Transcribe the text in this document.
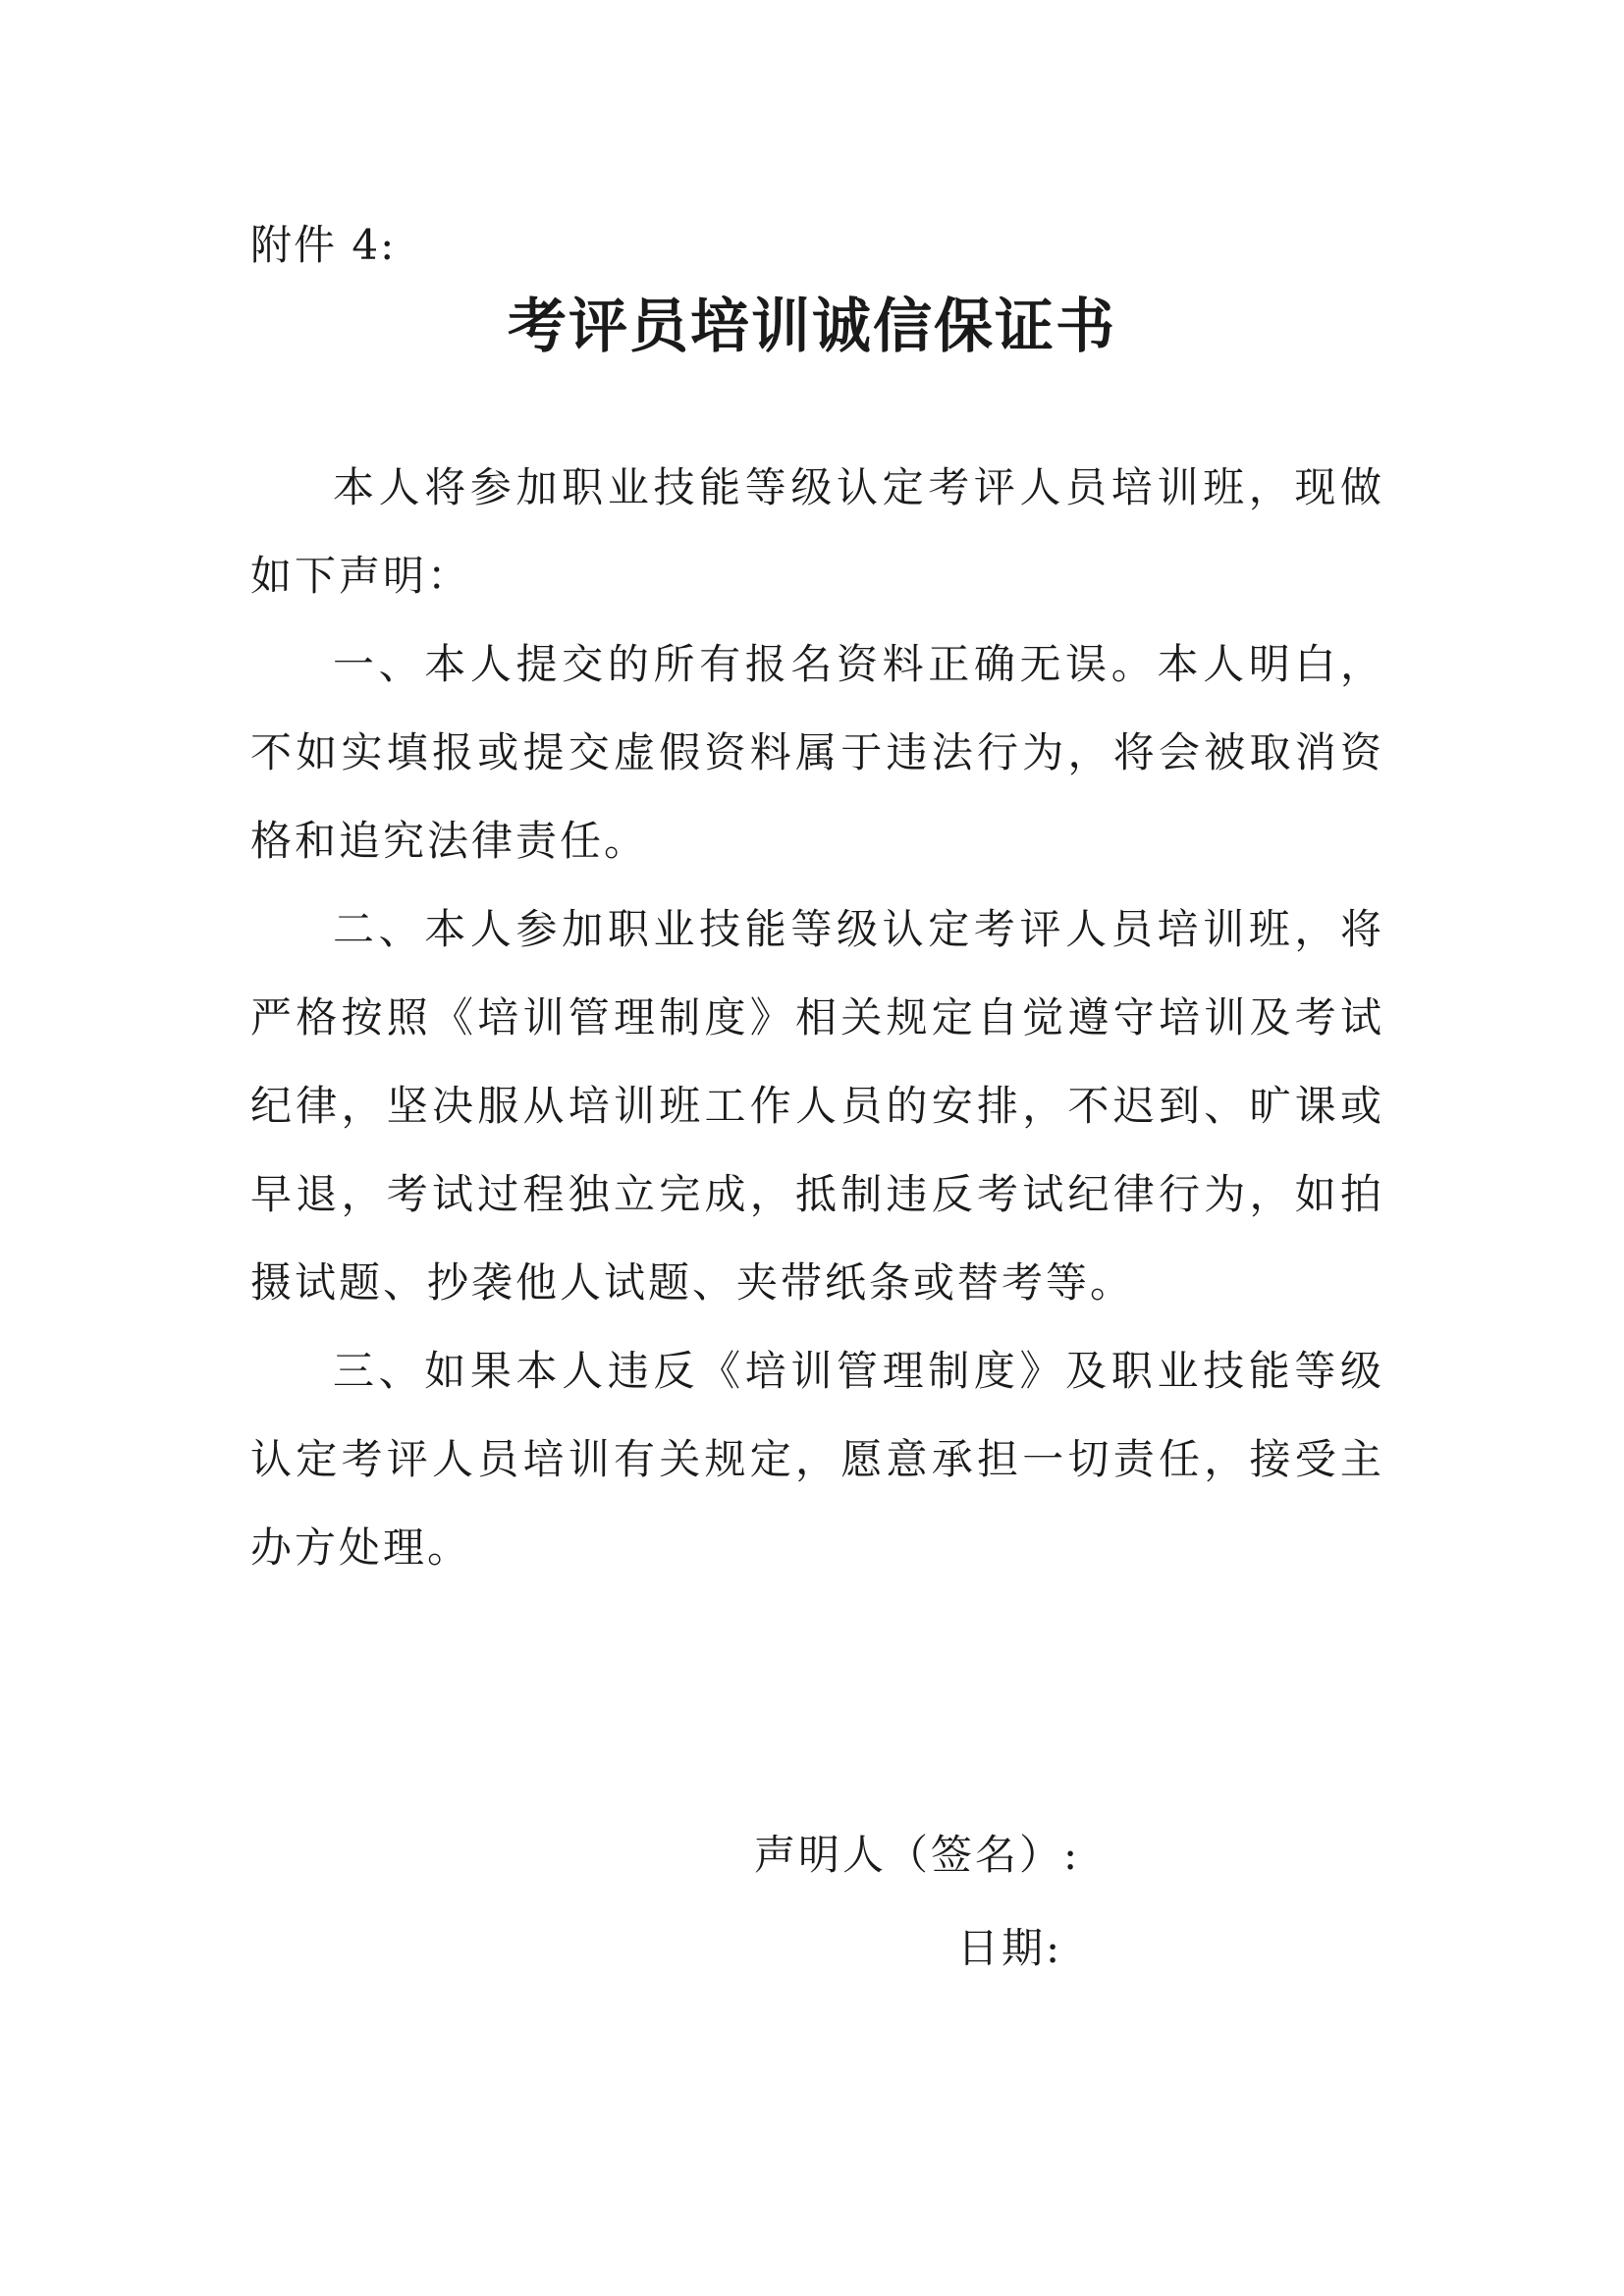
附件 4:
考评员培训诚信保证书

本人将参加职业技能等级认定考评人员培训班，现做如下声明：

一、本人提交的所有报名资料正确无误。本人明白，不如实填报或提交虚假资料属于违法行为，将会被取消资格和追究法律责任。

二、本人参加职业技能等级认定考评人员培训班，将严格按照《培训管理制度》相关规定自觉遵守培训及考试纪律，坚决服从培训班工作人员的安排，不迟到、旷课或早退，考试过程独立完成，抵制违反考试纪律行为，如拍摄试题、抄袭他人试题、夹带纸条或替考等。

三、如果本人违反《培训管理制度》及职业技能等级认定考评人员培训有关规定，愿意承担一切责任，接受主办方处理。

声明人（签名）:
日期:
